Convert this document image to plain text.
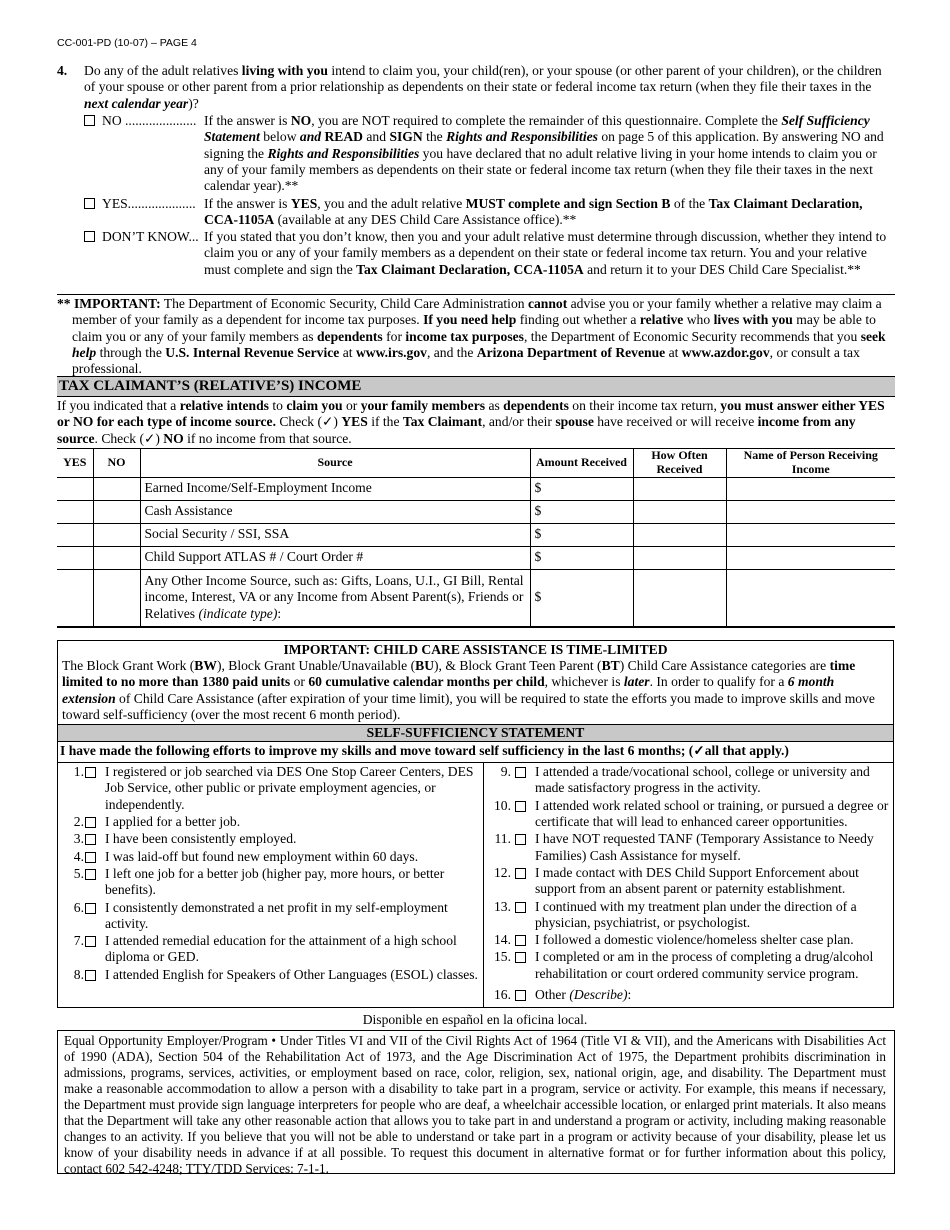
CC-001-PD (10-07) – PAGE 4
4. Do any of the adult relatives living with you intend to claim you, your child(ren), or your spouse (or other parent of your children), or the children of your spouse or other parent from a prior relationship as dependents on their state or federal income tax return (when they file their taxes in the next calendar year)?
NO ..................... If the answer is NO, you are NOT required to complete the remainder of this questionnaire. Complete the Self Sufficiency Statement below and READ and SIGN the Rights and Responsibilities on page 5 of this application. By answering NO and signing the Rights and Responsibilities you have declared that no adult relative living in your home intends to claim you or any of your family members as dependents on their state or federal income tax return (when they file their taxes in the next calendar year).**
YES.................... If the answer is YES, you and the adult relative MUST complete and sign Section B of the Tax Claimant Declaration, CCA-1105A (available at any DES Child Care Assistance office).**
DON’T KNOW... If you stated that you don’t know, then you and your adult relative must determine through discussion, whether they intend to claim you or any of your family members as a dependent on their state or federal income tax return. You and your relative must complete and sign the Tax Claimant Declaration, CCA-1105A and return it to your DES Child Care Specialist.**
** IMPORTANT: The Department of Economic Security, Child Care Administration cannot advise you or your family whether a relative may claim a member of your family as a dependent for income tax purposes. If you need help finding out whether a relative who lives with you may be able to claim you or any of your family members as dependents for income tax purposes, the Department of Economic Security recommends that you seek help through the U.S. Internal Revenue Service at www.irs.gov, and the Arizona Department of Revenue at www.azdor.gov, or consult a tax professional.
TAX CLAIMANT’S (RELATIVE’S) INCOME
If you indicated that a relative intends to claim you or your family members as dependents on their income tax return, you must answer either YES or NO for each type of income source. Check (✓) YES if the Tax Claimant, and/or their spouse have received or will receive income from any source. Check (✓) NO if no income from that source.
YES	NO	Source	Amount Received	How Often Received	Name of Person Receiving Income
		Earned Income/Self-Employment Income	$		
		Cash Assistance	$		
		Social Security / SSI, SSA	$		
		Child Support ATLAS # / Court Order #	$		
		Any Other Income Source, such as: Gifts, Loans, U.I., GI Bill, Rental income, Interest, VA or any Income from Absent Parent(s), Friends or Relatives (indicate type):	$		
IMPORTANT: CHILD CARE ASSISTANCE IS TIME-LIMITED
The Block Grant Work (BW), Block Grant Unable/Unavailable (BU), & Block Grant Teen Parent (BT) Child Care Assistance categories are time limited to no more than 1380 paid units or 60 cumulative calendar months per child, whichever is later. In order to qualify for a 6 month extension of Child Care Assistance (after expiration of your time limit), you will be required to state the efforts you made to improve skills and move toward self-sufficiency (over the most recent 6 month period).
SELF-SUFFICIENCY STATEMENT
I have made the following efforts to improve my skills and move toward self sufficiency in the last 6 months; (✓all that apply.)
1. I registered or job searched via DES One Stop Career Centers, DES Job Service, other public or private employment agencies, or independently.
2. I applied for a better job.
3. I have been consistently employed.
4. I was laid-off but found new employment within 60 days.
5. I left one job for a better job (higher pay, more hours, or better benefits).
6. I consistently demonstrated a net profit in my self-employment activity.
7. I attended remedial education for the attainment of a high school diploma or GED.
8. I attended English for Speakers of Other Languages (ESOL) classes.
9. I attended a trade/vocational school, college or university and made satisfactory progress in the activity.
10. I attended work related school or training, or pursued a degree or certificate that will lead to enhanced career opportunities.
11. I have NOT requested TANF (Temporary Assistance to Needy Families) Cash Assistance for myself.
12. I made contact with DES Child Support Enforcement about support from an absent parent or paternity establishment.
13. I continued with my treatment plan under the direction of a physician, psychiatrist, or psychologist.
14. I followed a domestic violence/homeless shelter case plan.
15. I completed or am in the process of completing a drug/alcohol rehabilitation or court ordered community service program.
16. Other (Describe):
Disponible en español en la oficina local.
Equal Opportunity Employer/Program • Under Titles VI and VII of the Civil Rights Act of 1964 (Title VI & VII), and the Americans with Disabilities Act of 1990 (ADA), Section 504 of the Rehabilitation Act of 1973, and the Age Discrimination Act of 1975, the Department prohibits discrimination in admissions, programs, services, activities, or employment based on race, color, religion, sex, national origin, age, and disability. The Department must make a reasonable accommodation to allow a person with a disability to take part in a program, service or activity. For example, this means if necessary, the Department must provide sign language interpreters for people who are deaf, a wheelchair accessible location, or enlarged print materials. It also means that the Department will take any other reasonable action that allows you to take part in and understand a program or activity, including making reasonable changes to an activity. If you believe that you will not be able to understand or take part in a program or activity because of your disability, please let us know of your disability needs in advance if at all possible. To request this document in alternative format or for further information about this policy, contact 602 542-4248; TTY/TDD Services: 7-1-1.
